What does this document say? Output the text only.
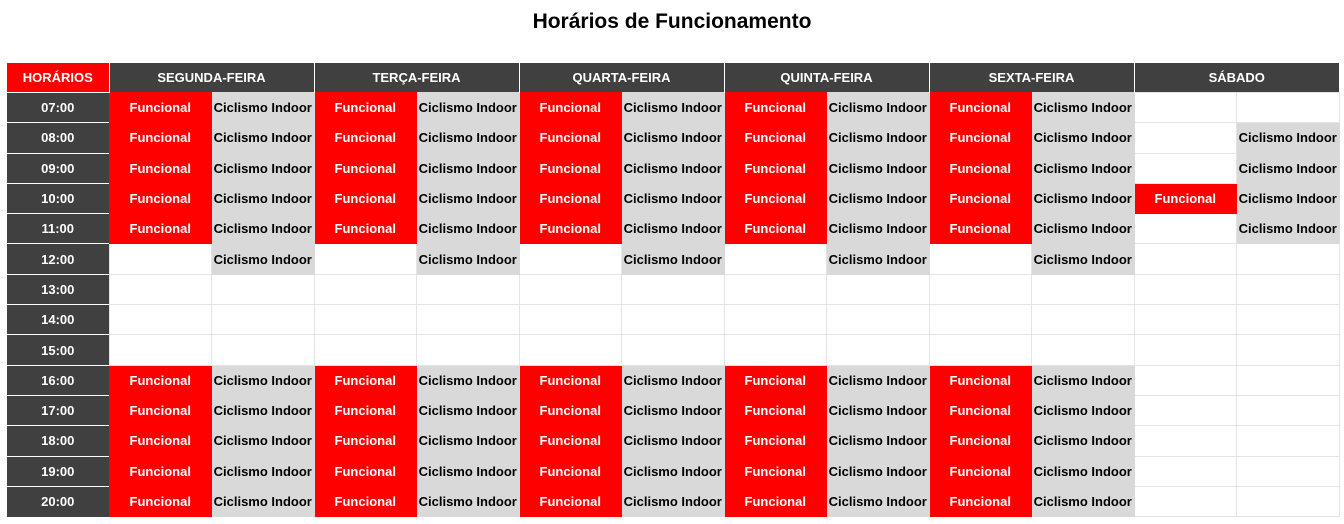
Horários de Funcionamento
HORÁRIOS	SEGUNDA-FEIRA		TERÇA-FEIRA		QUARTA-FEIRA		QUINTA-FEIRA		SEXTA-FEIRA		SÁBADO	
07:00	Funcional	Ciclismo Indoor	Funcional	Ciclismo Indoor	Funcional	Ciclismo Indoor	Funcional	Ciclismo Indoor	Funcional	Ciclismo Indoor		
08:00	Funcional	Ciclismo Indoor	Funcional	Ciclismo Indoor	Funcional	Ciclismo Indoor	Funcional	Ciclismo Indoor	Funcional	Ciclismo Indoor		Ciclismo Indoor
09:00	Funcional	Ciclismo Indoor	Funcional	Ciclismo Indoor	Funcional	Ciclismo Indoor	Funcional	Ciclismo Indoor	Funcional	Ciclismo Indoor		Ciclismo Indoor
10:00	Funcional	Ciclismo Indoor	Funcional	Ciclismo Indoor	Funcional	Ciclismo Indoor	Funcional	Ciclismo Indoor	Funcional	Ciclismo Indoor	Funcional	Ciclismo Indoor
11:00	Funcional	Ciclismo Indoor	Funcional	Ciclismo Indoor	Funcional	Ciclismo Indoor	Funcional	Ciclismo Indoor	Funcional	Ciclismo Indoor		Ciclismo Indoor
12:00		Ciclismo Indoor		Ciclismo Indoor		Ciclismo Indoor		Ciclismo Indoor		Ciclismo Indoor		
13:00												
14:00												
15:00												
16:00	Funcional	Ciclismo Indoor	Funcional	Ciclismo Indoor	Funcional	Ciclismo Indoor	Funcional	Ciclismo Indoor	Funcional	Ciclismo Indoor		
17:00	Funcional	Ciclismo Indoor	Funcional	Ciclismo Indoor	Funcional	Ciclismo Indoor	Funcional	Ciclismo Indoor	Funcional	Ciclismo Indoor		
18:00	Funcional	Ciclismo Indoor	Funcional	Ciclismo Indoor	Funcional	Ciclismo Indoor	Funcional	Ciclismo Indoor	Funcional	Ciclismo Indoor		
19:00	Funcional	Ciclismo Indoor	Funcional	Ciclismo Indoor	Funcional	Ciclismo Indoor	Funcional	Ciclismo Indoor	Funcional	Ciclismo Indoor		
20:00	Funcional	Ciclismo Indoor	Funcional	Ciclismo Indoor	Funcional	Ciclismo Indoor	Funcional	Ciclismo Indoor	Funcional	Ciclismo Indoor		
